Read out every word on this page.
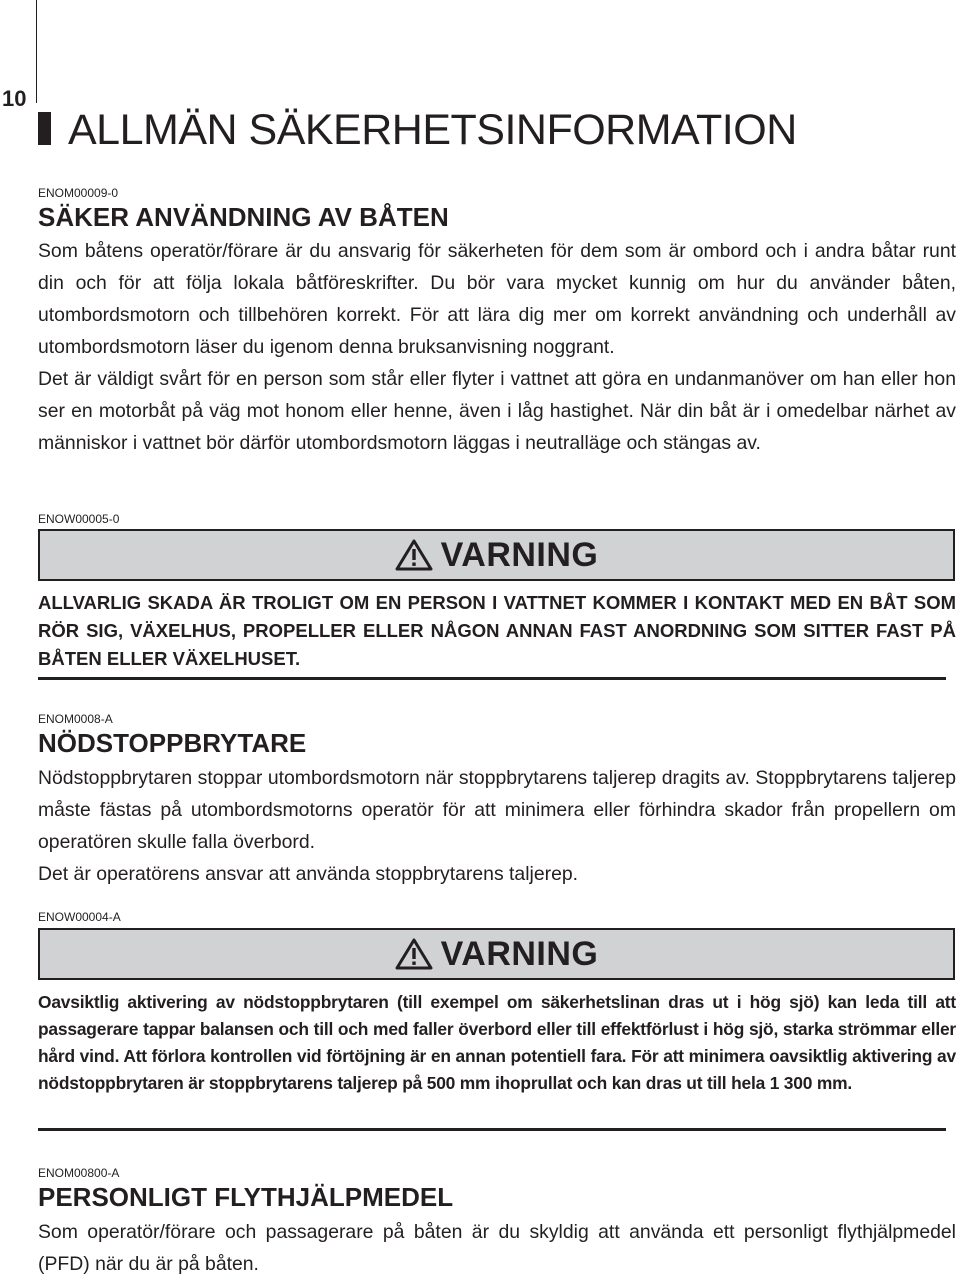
10
ALLMÄN SÄKERHETSINFORMATION
ENOM00009-0
SÄKER ANVÄNDNING AV BÅTEN
Som båtens operatör/förare är du ansvarig för säkerheten för dem som är ombord och i andra båtar runt din och för att följa lokala båtföreskrifter. Du bör vara mycket kunnig om hur du använder båten, utombordsmotorn och tillbehören korrekt. För att lära dig mer om korrekt användning och underhåll av utombordsmotorn läser du igenom denna bruksanvisning noggrant.
Det är väldigt svårt för en person som står eller flyter i vattnet att göra en undanmanöver om han eller hon ser en motorbåt på väg mot honom eller henne, även i låg hastighet. När din båt är i omedelbar närhet av människor i vattnet bör därför utombordsmotorn läggas i neutralläge och stängas av.
ENOW00005-0
VARNING

ALLVARLIG SKADA ÄR TROLIGT OM EN PERSON I VATTNET KOMMER I KONTAKT MED EN BÅT SOM RÖR SIG, VÄXELHUS, PROPELLER ELLER NÅGON ANNAN FAST ANORDNING SOM SITTER FAST PÅ BÅTEN ELLER VÄXELHUSET.

ENOM0008-A
NÖDSTOPPBRYTARE
Nödstoppbrytaren stoppar utombordsmotorn när stoppbrytarens taljerep dragits av. Stoppbrytarens taljerep måste fästas på utombordsmotorns operatör för att minimera eller förhindra skador från propellern om operatören skulle falla överbord.
Det är operatörens ansvar att använda stoppbrytarens taljerep.
ENOW00004-A
VARNING

Oavsiktlig aktivering av nödstoppbrytaren (till exempel om säkerhetslinan dras ut i hög sjö) kan leda till att passagerare tappar balansen och till och med faller överbord eller till effektförlust i hög sjö, starka strömmar eller hård vind. Att förlora kontrollen vid förtöjning är en annan potentiell fara. För att minimera oavsiktlig aktivering av nödstoppbrytaren är stoppbrytarens taljerep på 500 mm ihoprullat och kan dras ut till hela 1 300 mm.

ENOM00800-A
PERSONLIGT FLYTHJÄLPMEDEL
Som operatör/förare och passagerare på båten är du skyldig att använda ett personligt flythjälpmedel (PFD) när du är på båten.
